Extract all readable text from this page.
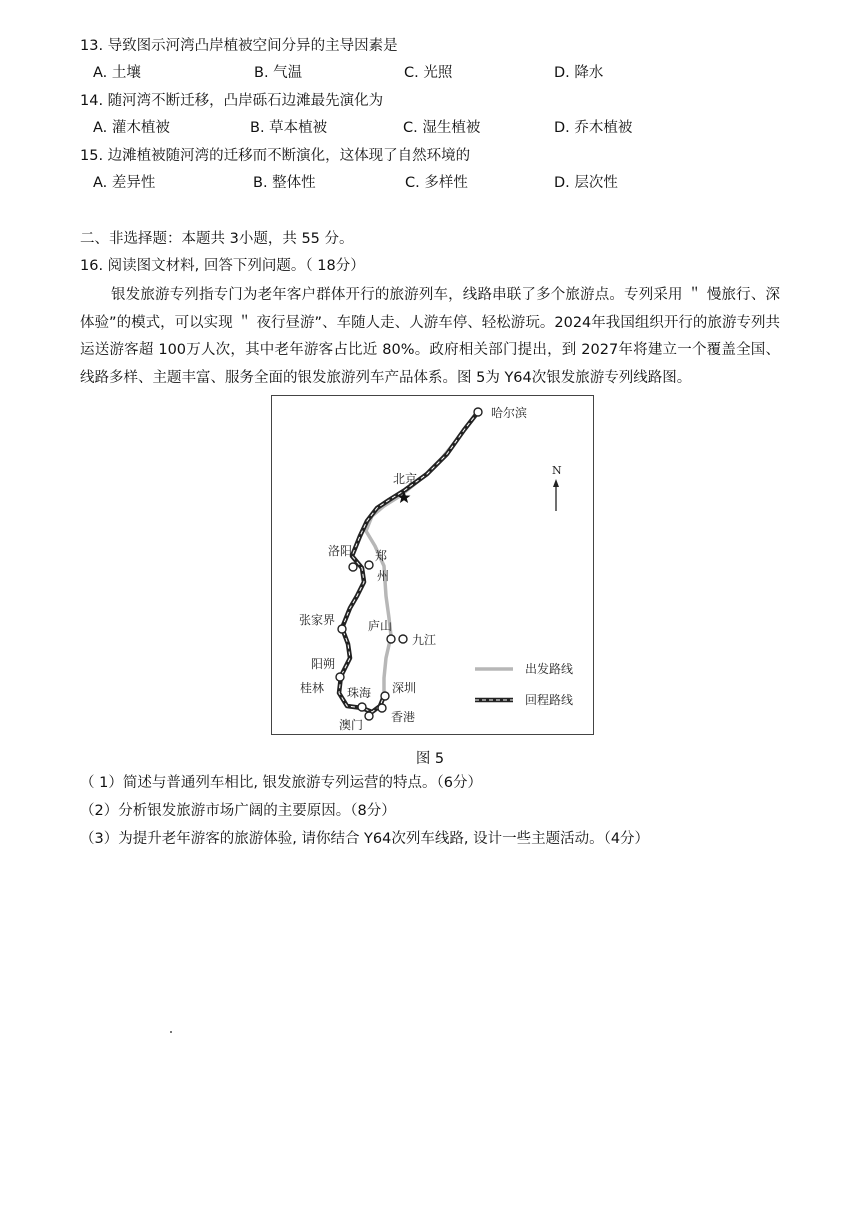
13. 导致图示河湾凸岸植被空间分异的主导因素是
A. 土壤	B. 气温	C. 光照	D. 降水
14. 随河湾不断迁移，凸岸砾石边滩最先演化为
A. 灌木植被	B. 草本植被	C. 湿生植被	D. 乔木植被
15. 边滩植被随河湾的迁移而不断演化，这体现了自然环境的
A. 差异性	B. 整体性	C. 多样性	D. 层次性
二、非选择题：本题共 3小题，共 55 分。
16. 阅读图文材料, 回答下列问题。（ 18分）
银发旅游专列指专门为老年客户群体开行的旅游列车，线路串联了多个旅游点。专列采用 ＂ 慢旅行、深体验”的模式，可以实现 ＂ 夜行昼游”、车随人走、人游车停、轻松游玩。2024年我国组织开行的旅游专列共运送游客超 100万人次，其中老年游客占比近 80%。政府相关部门提出，到 2027年将建立一个覆盖全国、线路多样、主题丰富、服务全面的银发旅游列车产品体系。图 5为 Y64次银发旅游专列线路图。
哈尔滨
北京
洛阳 郑
州
张家界	庐山
九江
阳朔
桂林 珠海 深圳
澳门
香港
N
出发路线
回程路线
图 5
（ 1）简述与普通列车相比, 银发旅游专列运营的特点。（6分）
（2）分析银发旅游市场广阔的主要原因。（8分）
（3）为提升老年游客的旅游体验, 请你结合 Y64次列车线路, 设计一些主题活动。（4分）
